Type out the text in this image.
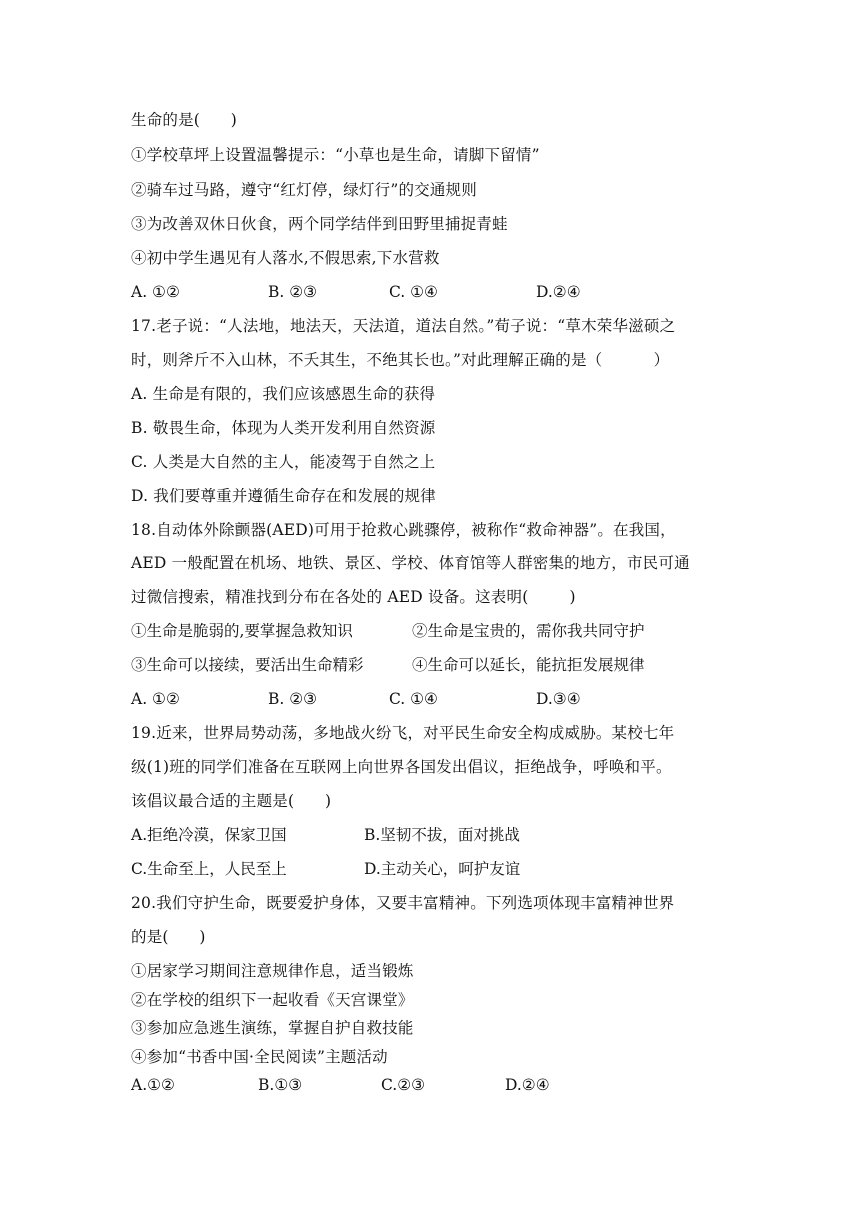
生命的是(      )
①学校草坪上设置温馨提示：“小草也是生命，请脚下留情”
②骑车过马路，遵守“红灯停，绿灯行”的交通规则
③为改善双休日伙食，两个同学结伴到田野里捕捉青蛙
④初中学生遇见有人落水,不假思索,下水营救
A. ①②	B. ②③	C. ①④	D.②④
17.老子说：“人法地，地法天，天法道，道法自然。”荀子说：“草木荣华滋硕之
时，则斧斤不入山林，不夭其生，不绝其长也。”对此理解正确的是（          ）
A. 生命是有限的，我们应该感恩生命的获得
B. 敬畏生命，体现为人类开发利用自然资源
C. 人类是大自然的主人，能凌驾于自然之上
D. 我们要尊重并遵循生命存在和发展的规律
18.自动体外除颤器(AED)可用于抢救心跳骤停，被称作“救命神器”。在我国，
AED 一般配置在机场、地铁、景区、学校、体育馆等人群密集的地方，市民可通
过微信搜索，精准找到分布在各处的 AED 设备。这表明(        )
①生命是脆弱的,要掌握急救知识	②生命是宝贵的，需你我共同守护
③生命可以接续，要活出生命精彩	④生命可以延长，能抗拒发展规律
A. ①②	B. ②③	C. ①④	D.③④
19.近来，世界局势动荡，多地战火纷飞，对平民生命安全构成威胁。某校七年
级(1)班的同学们准备在互联网上向世界各国发出倡议，拒绝战争，呼唤和平。
该倡议最合适的主题是(      )
A.拒绝冷漠，保家卫国	B.坚韧不拔，面对挑战
C.生命至上，人民至上	D.主动关心，呵护友谊
20.我们守护生命，既要爱护身体，又要丰富精神。下列选项体现丰富精神世界
的是(      )
①居家学习期间注意规律作息，适当锻炼
②在学校的组织下一起收看《天宫课堂》
③参加应急逃生演练，掌握自护自救技能
④参加“书香中国·全民阅读”主题活动
A.①②	B.①③	C.②③	D.②④
